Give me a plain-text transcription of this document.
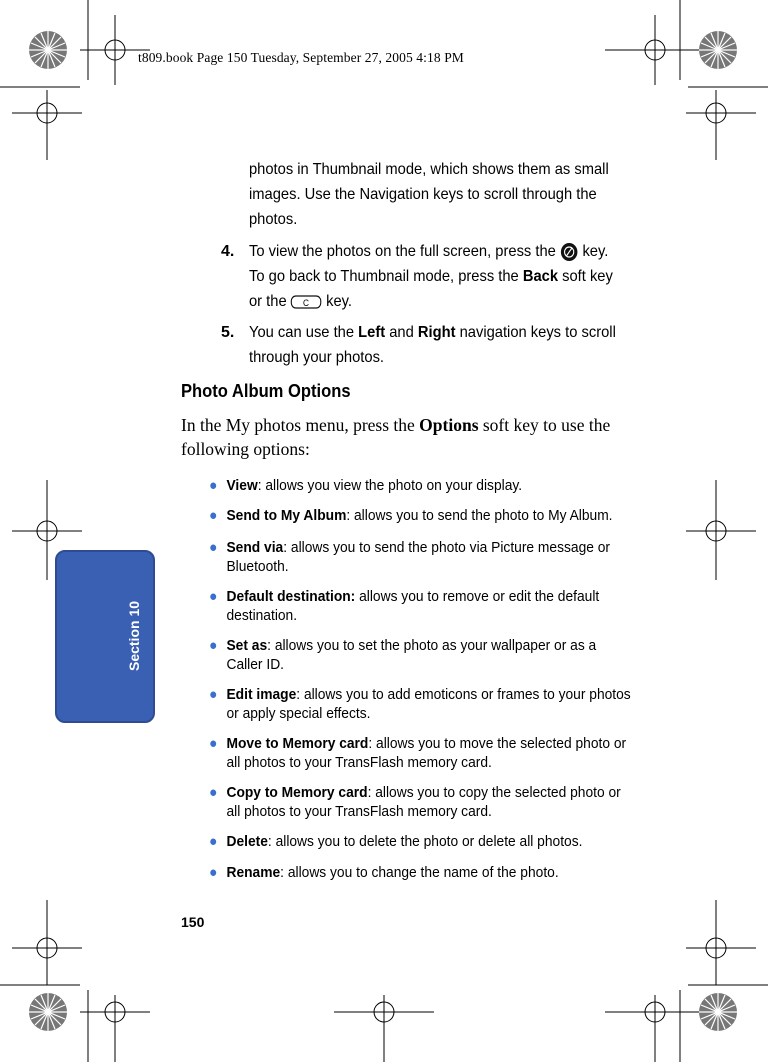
t809.book Page 150 Tuesday, September 27, 2005 4:18 PM
photos in Thumbnail mode, which shows them as small images. Use the Navigation keys to scroll through the photos.
4. To view the photos on the full screen, press the key.
To go back to Thumbnail mode, press the Back soft key
or the C key.
5. You can use the Left and Right navigation keys to scroll through your photos.
Photo Album Options
In the My photos menu, press the Options soft key to use the following options:
● View: allows you view the photo on your display.
● Send to My Album: allows you to send the photo to My Album.
● Send via: allows you to send the photo via Picture message or Bluetooth.
● Default destination: allows you to remove or edit the default destination.
● Set as: allows you to set the photo as your wallpaper or as a Caller ID.
● Edit image: allows you to add emoticons or frames to your photos or apply special effects.
● Move to Memory card: allows you to move the selected photo or all photos to your TransFlash memory card.
● Copy to Memory card: allows you to copy the selected photo or all photos to your TransFlash memory card.
● Delete: allows you to delete the photo or delete all photos.
● Rename: allows you to change the name of the photo.
Section 10
150
